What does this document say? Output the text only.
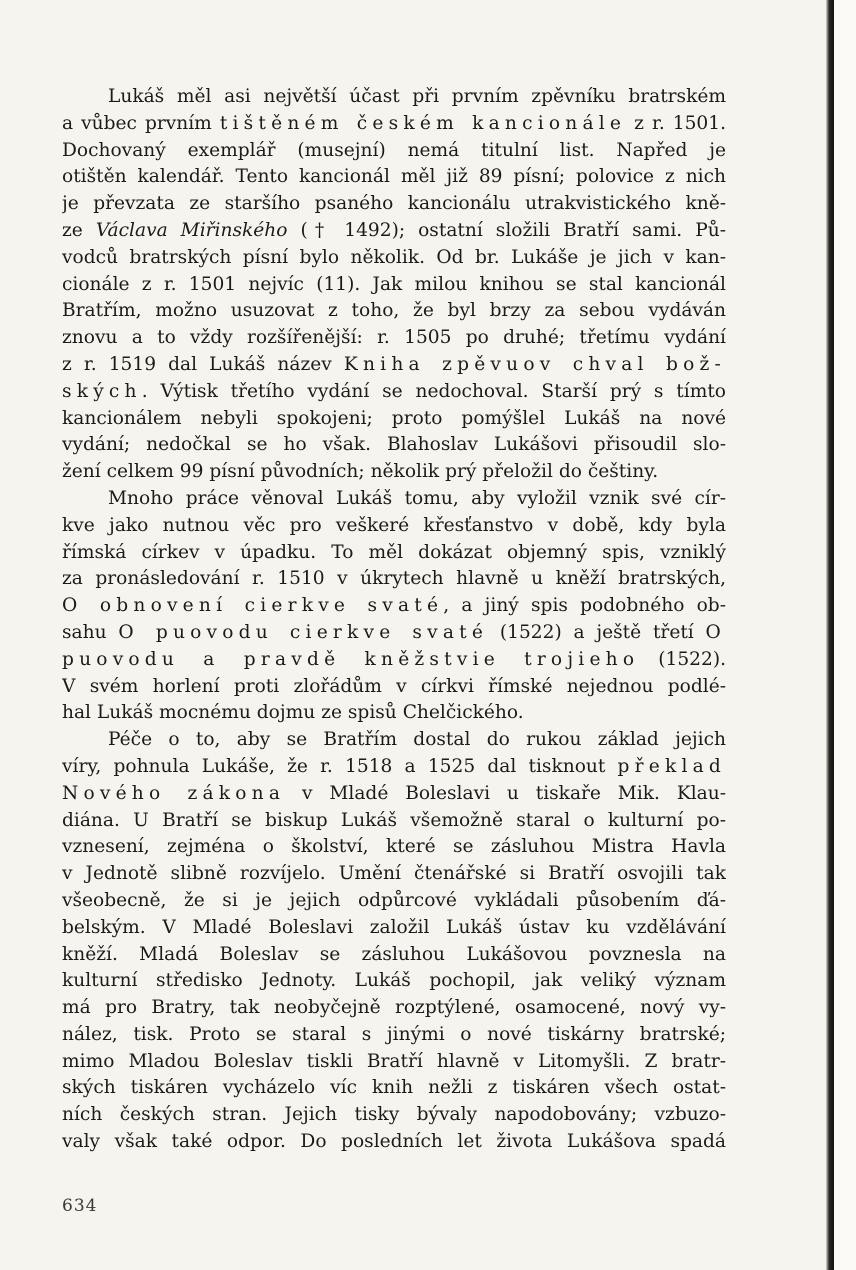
Lukáš měl asi největší účast při prvním zpěvníku bratrském
a vůbec prvním tištěném českém kancionále z r. 1501.
Dochovaný exemplář (musejní) nemá titulní list. Napřed je
otištěn kalendář. Tento kancionál měl již 89 písní; polovice z nich
je převzata ze staršího psaného kancionálu utrakvistického kně-
ze Václava Miřinského († 1492); ostatní složili Bratří sami. Pů-
vodců bratrských písní bylo několik. Od br. Lukáše je jich v kan-
cionále z r. 1501 nejvíc (11). Jak milou knihou se stal kancionál
Bratřím, možno usuzovat z toho, že byl brzy za sebou vydáván
znovu a to vždy rozšířenější: r. 1505 po druhé; třetímu vydání
z r. 1519 dal Lukáš název Kniha zpěvuov chval bož-
ských. Výtisk třetího vydání se nedochoval. Starší prý s tímto
kancionálem nebyli spokojeni; proto pomýšlel Lukáš na nové
vydání; nedočkal se ho však. Blahoslav Lukášovi přisoudil slo-
žení celkem 99 písní původních; několik prý přeložil do češtiny.
Mnoho práce věnoval Lukáš tomu, aby vyložil vznik své cír-
kve jako nutnou věc pro veškeré křesťanstvo v době, kdy byla
římská církev v úpadku. To měl dokázat objemný spis, vzniklý
za pronásledování r. 1510 v úkrytech hlavně u kněží bratrských,
O obnovení cierkve svaté, a jiný spis podobného ob-
sahu O puovodu cierkve svaté (1522) a ještě třetí O
puovodu a pravdě kněžstvie trojieho (1522).
V svém horlení proti zlořádům v církvi římské nejednou podlé-
hal Lukáš mocnému dojmu ze spisů Chelčického.
Péče o to, aby se Bratřím dostal do rukou základ jejich
víry, pohnula Lukáše, že r. 1518 a 1525 dal tisknout překlad
Nového zákona v Mladé Boleslavi u tiskaře Mik. Klau-
diána. U Bratří se biskup Lukáš všemožně staral o kulturní po-
vznesení, zejména o školství, které se zásluhou Mistra Havla
v Jednotě slibně rozvíjelo. Umění čtenářské si Bratří osvojili tak
všeobecně, že si je jejich odpůrcové vykládali působením ďá-
belským. V Mladé Boleslavi založil Lukáš ústav ku vzdělávání
kněží. Mladá Boleslav se zásluhou Lukášovou povznesla na
kulturní středisko Jednoty. Lukáš pochopil, jak veliký význam
má pro Bratry, tak neobyčejně rozptýlené, osamocené, nový vy-
nález, tisk. Proto se staral s jinými o nové tiskárny bratrské;
mimo Mladou Boleslav tiskli Bratří hlavně v Litomyšli. Z bratr-
ských tiskáren vycházelo víc knih nežli z tiskáren všech ostat-
ních českých stran. Jejich tisky bývaly napodobovány; vzbuzo-
valy však také odpor. Do posledních let života Lukášova spadá
634
